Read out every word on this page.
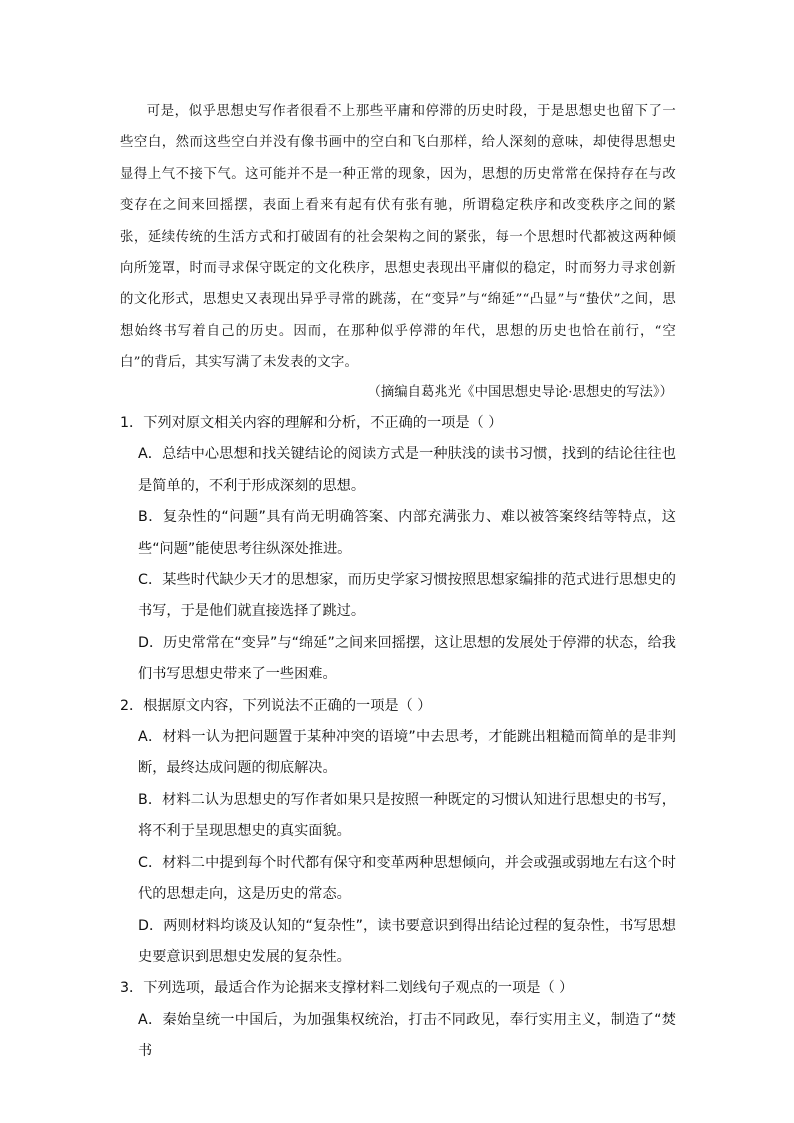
可是，似乎思想史写作者很看不上那些平庸和停滞的历史时段，于是思想史也留下了一些空白，然而这些空白并没有像书画中的空白和飞白那样，给人深刻的意味，却使得思想史显得上气不接下气。这可能并不是一种正常的现象，因为，思想的历史常常在保持存在与改变存在之间来回摇摆，表面上看来有起有伏有张有驰，所谓稳定秩序和改变秩序之间的紧张，延续传统的生活方式和打破固有的社会架构之间的紧张，每一个思想时代都被这两种倾向所笼罩，时而寻求保守既定的文化秩序，思想史表现出平庸似的稳定，时而努力寻求创新的文化形式，思想史又表现出异乎寻常的跳荡，在“变异”与“绵延”“凸显”与“蛰伏”之间，思想始终书写着自己的历史。因而，在那种似乎停滞的年代，思想的历史也恰在前行，“空白”的背后，其实写满了未发表的文字。

（摘编自葛兆光《中国思想史导论·思想史的写法》）

1．下列对原文相关内容的理解和分析，不正确的一项是（ ）

A．总结中心思想和找关键结论的阅读方式是一种肤浅的读书习惯，找到的结论往往也是简单的，不利于形成深刻的思想。

B．复杂性的“问题”具有尚无明确答案、内部充满张力、难以被答案终结等特点，这些“问题”能使思考往纵深处推进。

C．某些时代缺少天才的思想家，而历史学家习惯按照思想家编排的范式进行思想史的书写，于是他们就直接选择了跳过。

D．历史常常在“变异”与“绵延”之间来回摇摆，这让思想的发展处于停滞的状态，给我们书写思想史带来了一些困难。

2．根据原文内容，下列说法不正确的一项是（ ）

A．材料一认为把问题置于某种冲突的语境”中去思考，才能跳出粗糙而简单的是非判断，最终达成问题的彻底解决。

B．材料二认为思想史的写作者如果只是按照一种既定的习惯认知进行思想史的书写，将不利于呈现思想史的真实面貌。

C．材料二中提到每个时代都有保守和变革两种思想倾向，并会或强或弱地左右这个时代的思想走向，这是历史的常态。

D．两则材料均谈及认知的“复杂性”，读书要意识到得出结论过程的复杂性，书写思想史要意识到思想史发展的复杂性。

3．下列选项，最适合作为论据来支撑材料二划线句子观点的一项是（ ）

A．秦始皇统一中国后，为加强集权统治，打击不同政见，奉行实用主义，制造了“焚书
